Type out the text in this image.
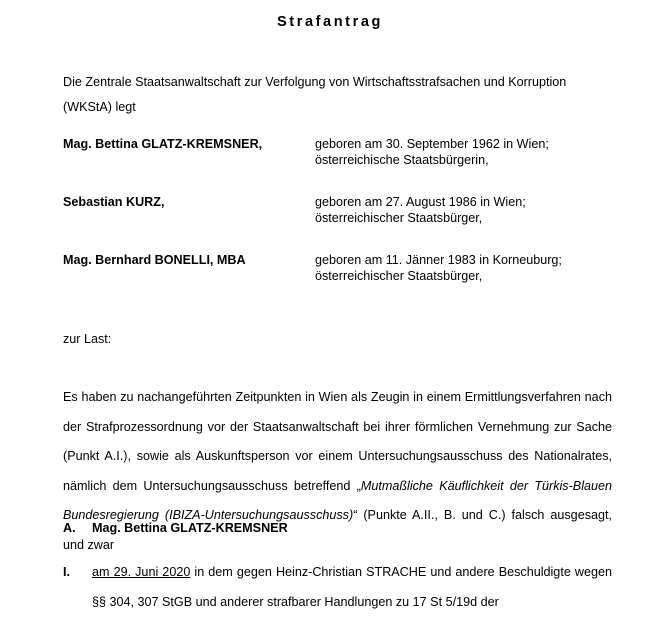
Strafantrag
Die Zentrale Staatsanwaltschaft zur Verfolgung von Wirtschaftsstrafsachen und Korruption (WKStA) legt
Mag. Bettina GLATZ-KREMSNER,	geboren am 30. September 1962 in Wien;
österreichische Staatsbürgerin,
Sebastian KURZ,	geboren am 27. August 1986 in Wien;
österreichischer Staatsbürger,
Mag. Bernhard BONELLI, MBA	geboren am 11. Jänner 1983 in Korneuburg;
österreichischer Staatsbürger,
zur Last:
Es haben zu nachangeführten Zeitpunkten in Wien als Zeugin in einem Ermittlungsverfahren nach der Strafprozessordnung vor der Staatsanwaltschaft bei ihrer förmlichen Vernehmung zur Sache (Punkt A.I.), sowie als Auskunftsperson vor einem Untersuchungsausschuss des Nationalrates, nämlich dem Untersuchungsausschuss betreffend „Mutmaßliche Käuflichkeit der Türkis-Blauen Bundesregierung (IBIZA-Untersuchungsausschuss)“ (Punkte A.II., B. und C.) falsch ausgesagt, und zwar
A. Mag. Bettina GLATZ-KREMSNER
I.	am 29. Juni 2020 in dem gegen Heinz-Christian STRACHE und andere Beschuldigte wegen §§ 304, 307 StGB und anderer strafbarer Handlungen zu 17 St 5/19d der
